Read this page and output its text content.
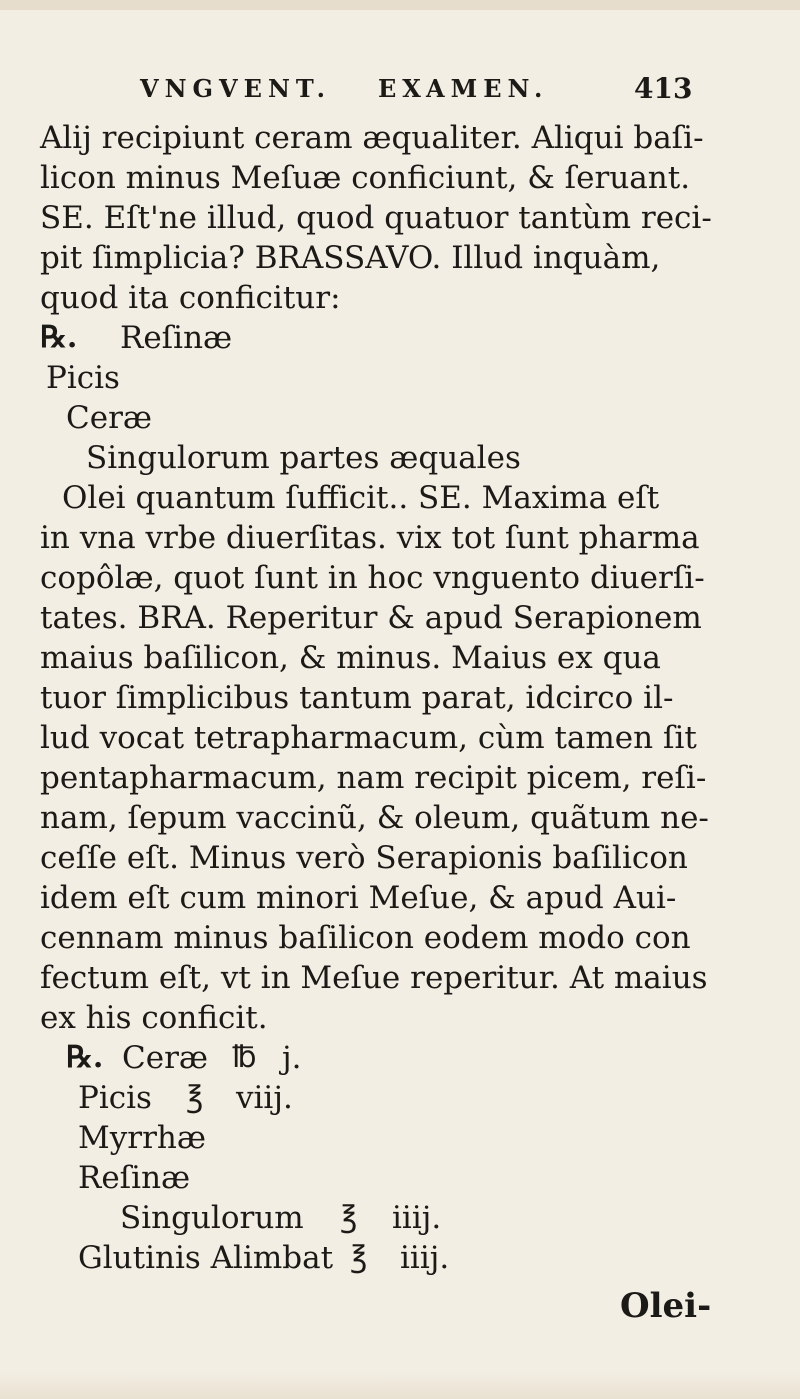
VNGVENT. EXAMEN.	413
Alij recipiunt ceram æqualiter. Aliqui baſi-
licon minus Meſuæ conficiunt, & ſeruant.
SE. Eſt'ne illud, quod quatuor tantùm reci-
pit ſimplicia? BRASSAVO. Illud inquàm,
quod ita conficitur:
℞. Reſinæ
Picis
Ceræ
Singulorum partes æquales
Olei quantum ſufficit.. SE. Maxima eſt
in vna vrbe diuerſitas. vix tot ſunt pharma
copôlæ, quot ſunt in hoc vnguento diuerſi-
tates. BRA. Reperitur & apud Serapionem
maius baſilicon, & minus. Maius ex qua
tuor ſimplicibus tantum parat, idcirco il-
lud vocat tetrapharmacum, cùm tamen ſit
pentapharmacum, nam recipit picem, reſi-
nam, ſepum vaccinũ, & oleum, quãtum ne-
ceſſe eſt. Minus verò Serapionis baſilicon
idem eſt cum minori Meſue, & apud Aui-
cennam minus baſilicon eodem modo con
fectum eſt, vt in Meſue reperitur. At maius
ex his conficit.
℞. Ceræ ℔ j.
Picis ℥ viij.
Myrrhæ
Reſinæ
Singulorum ℥ iiij.
Glutinis Alimbat ℥ iiij.
Olei-
